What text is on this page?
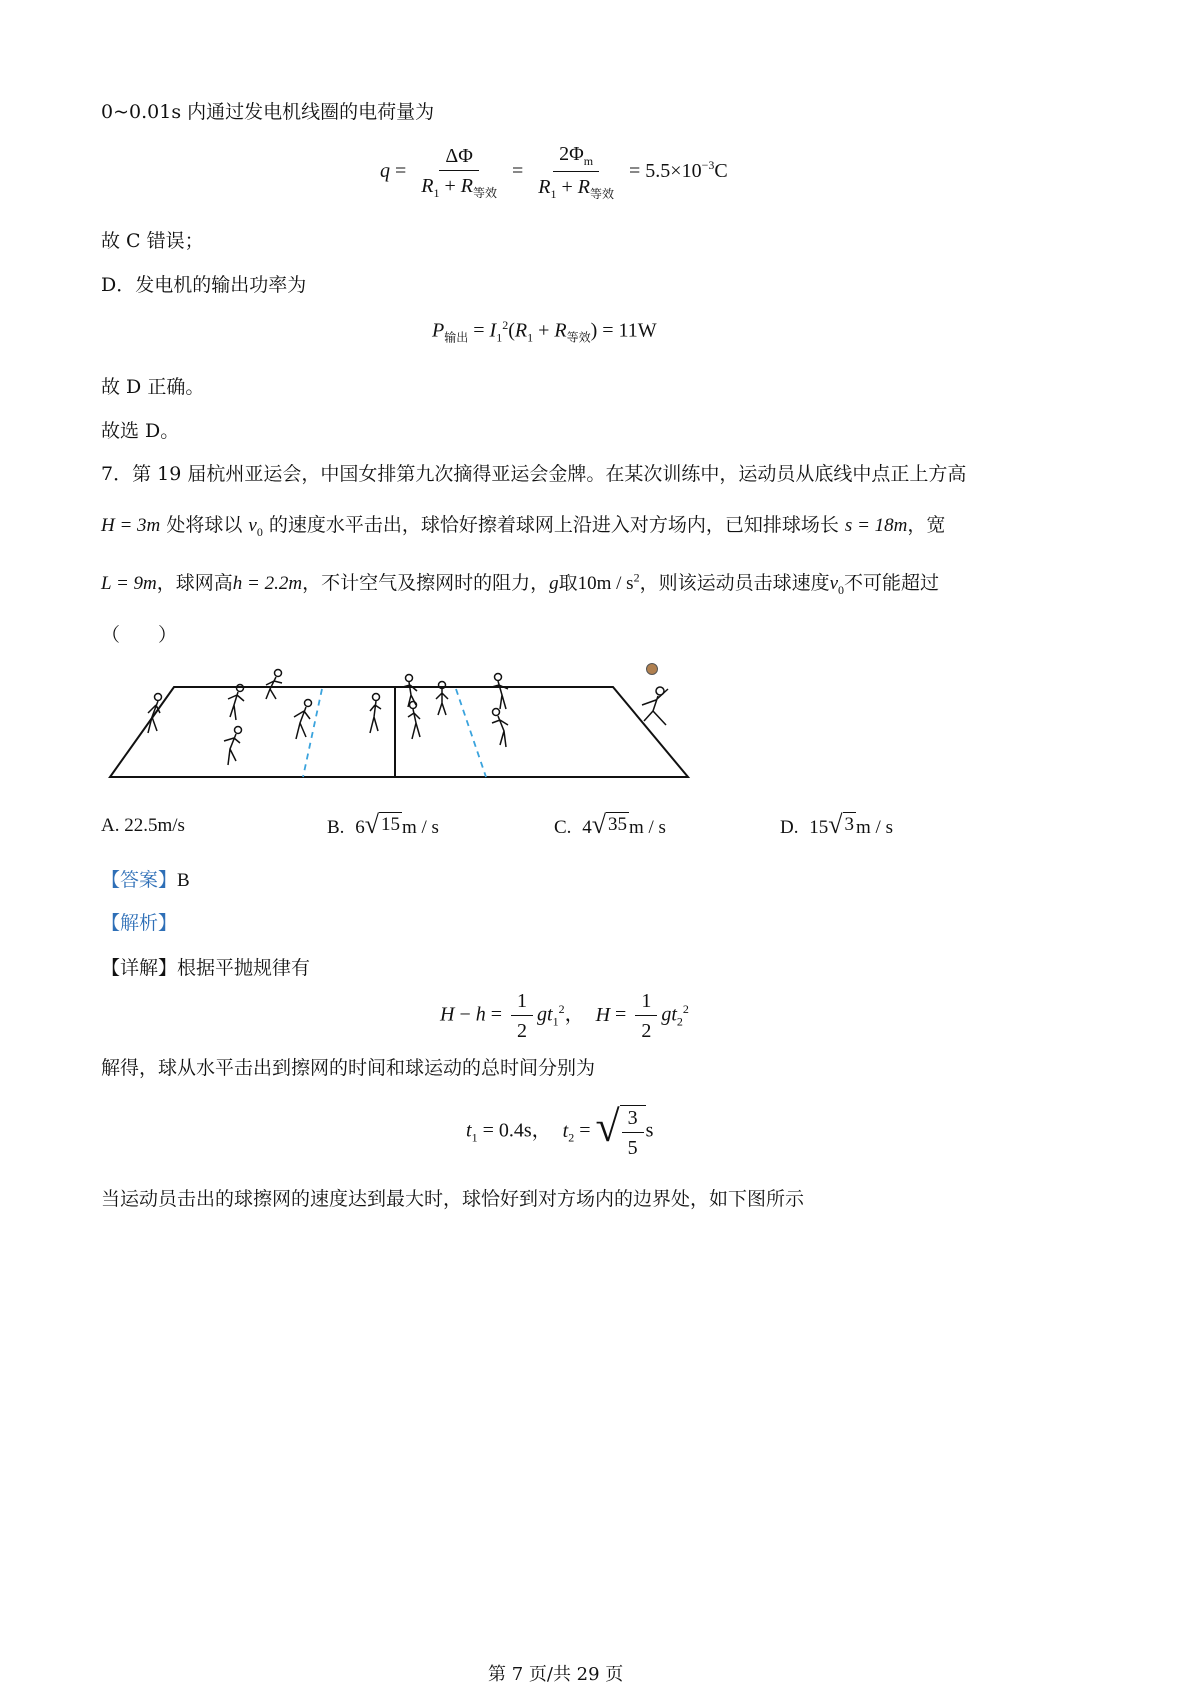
0~0.01s 内通过发电机线圈的电荷量为
$q = \frac{\Delta\Phi}{R_1 + R_{等效}} = \frac{2\Phi_m}{R_1 + R_{等效}} = 5.5\times 10^{-3}C$
故 C 错误；
D．发电机的输出功率为
$P_{输出} = I_1^2(R_1 + R_{等效}) = 11W$
故 D 正确。
故选 D。
7．第 19 届杭州亚运会，中国女排第九次摘得亚运会金牌。在某次训练中，运动员从底线中点正上方高
H = 3m 处将球以 $v_0$ 的速度水平击出，球恰好擦着球网上沿进入对方场内，已知排球场长 s = 18m，宽
L = 9m，球网高h = 2.2m，不计空气及擦网时的阻力，g取$10m / s^2$，则该运动员击球速度$v_0$不可能超过
（　　）
A. 22.5m/s	B. 6 √ 15 m / s	C. 4 √ 35 m / s	D. 15 √ 3 m / s
【答案】B
【解析】
【详解】根据平抛规律有
$H - h = \frac{1}{2} gt_1^2$， $H = \frac{1}{2} gt_2^2$
解得，球从水平击出到擦网的时间和球运动的总时间分别为
$t_1 = 0.4s$， $t_2$ = √ $\frac{3}{5}$ s
当运动员击出的球擦网的速度达到最大时，球恰好到对方场内的边界处，如下图所示
第 7 页/共 29 页
